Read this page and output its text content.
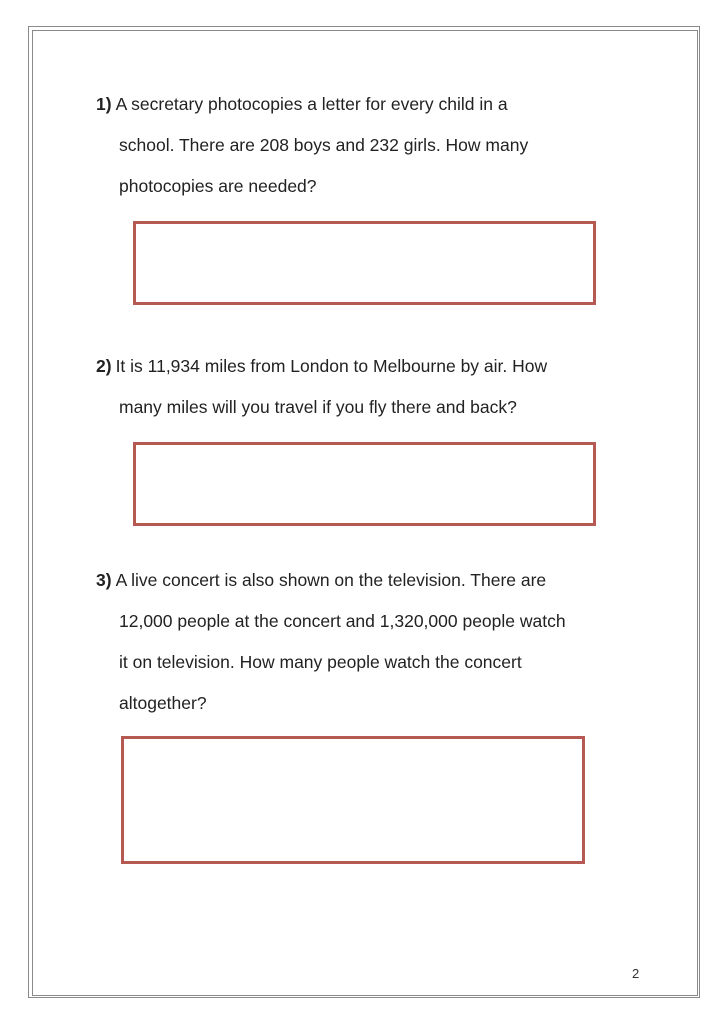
1) A secretary photocopies a letter for every child in a
school. There are 208 boys and 232 girls. How many
photocopies are needed?
2) It is 11,934 miles from London to Melbourne by air. How
many miles will you travel if you fly there and back?
3) A live concert is also shown on the television. There are
12,000 people at the concert and 1,320,000 people watch
it on television. How many people watch the concert
altogether?
2
